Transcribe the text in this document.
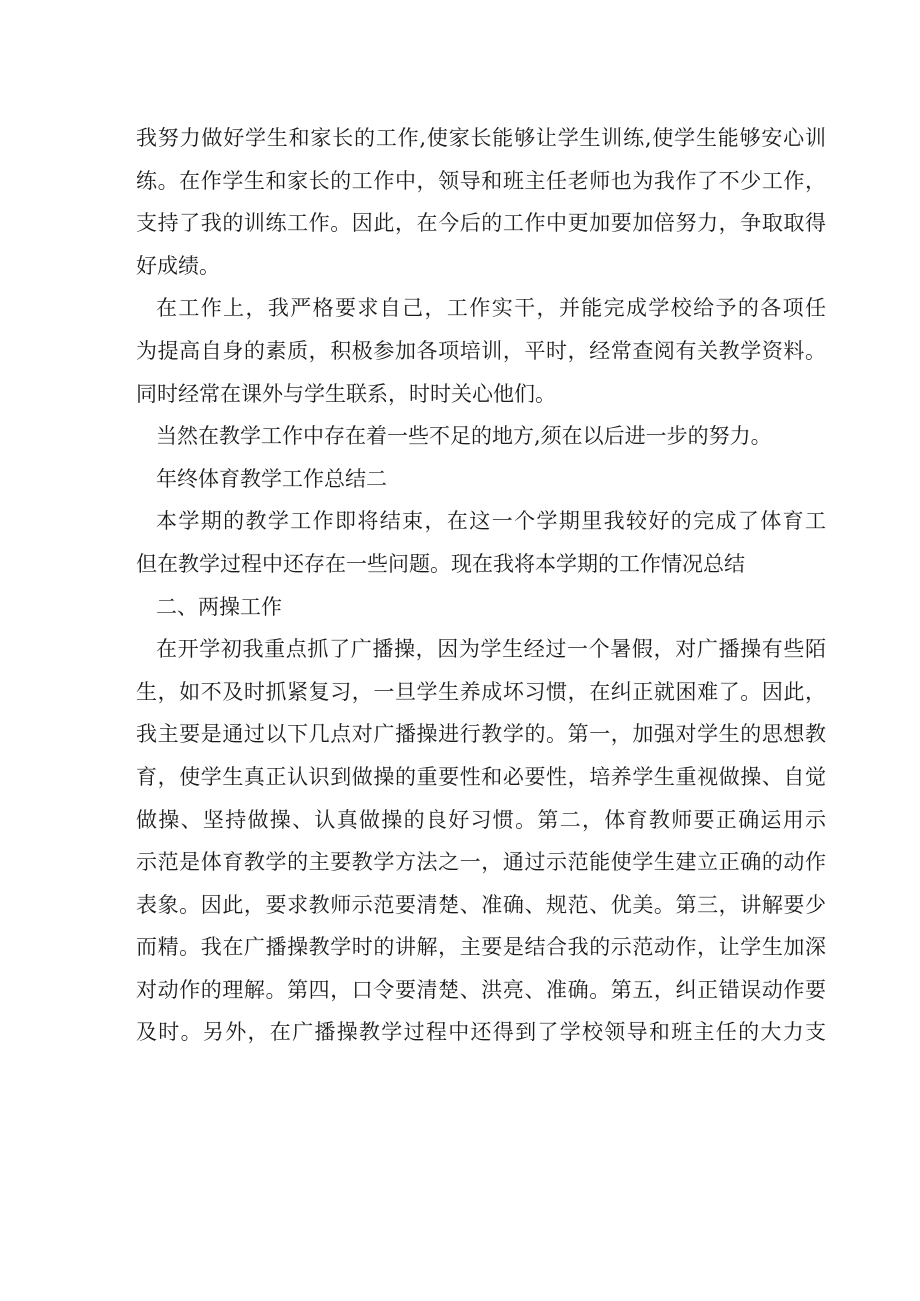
我努力做好学生和家长的工作,使家长能够让学生训练,使学生能够安心训
练。在作学生和家长的工作中，领导和班主任老师也为我作了不少工作，
支持了我的训练工作。因此，在今后的工作中更加要加倍努力，争取取得
好成绩。
在工作上，我严格要求自己，工作实干，并能完成学校给予的各项任
为提高自身的素质，积极参加各项培训，平时，经常查阅有关教学资料。
同时经常在课外与学生联系，时时关心他们。
当然在教学工作中存在着一些不足的地方,须在以后进一步的努力。
年终体育教学工作总结二
本学期的教学工作即将结束，在这一个学期里我较好的完成了体育工
但在教学过程中还存在一些问题。现在我将本学期的工作情况总结
二、两操工作
在开学初我重点抓了广播操，因为学生经过一个暑假，对广播操有些陌
生，如不及时抓紧复习，一旦学生养成坏习惯，在纠正就困难了。因此，
我主要是通过以下几点对广播操进行教学的。第一，加强对学生的思想教
育，使学生真正认识到做操的重要性和必要性，培养学生重视做操、自觉
做操、坚持做操、认真做操的良好习惯。第二，体育教师要正确运用示
示范是体育教学的主要教学方法之一，通过示范能使学生建立正确的动作
表象。因此，要求教师示范要清楚、准确、规范、优美。第三，讲解要少
而精。我在广播操教学时的讲解，主要是结合我的示范动作，让学生加深
对动作的理解。第四，口令要清楚、洪亮、准确。第五，纠正错误动作要
及时。另外，在广播操教学过程中还得到了学校领导和班主任的大力支
